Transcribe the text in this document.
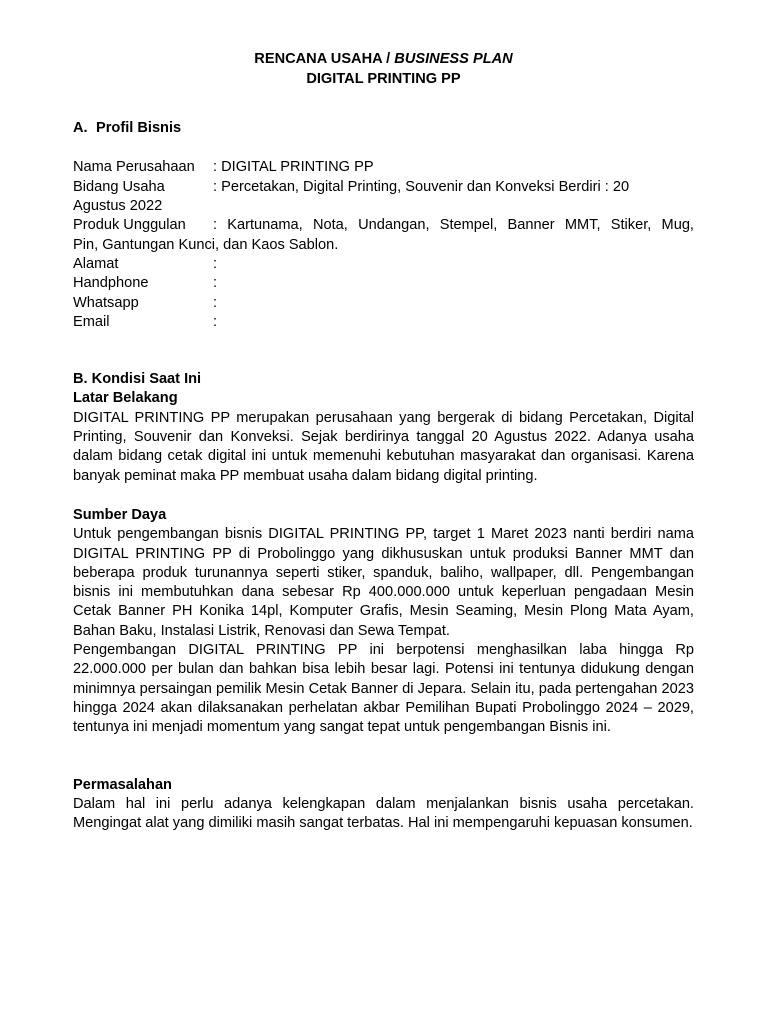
RENCANA USAHA / BUSINESS PLAN
DIGITAL PRINTING PP
A. Profil Bisnis
Nama Perusahaan : DIGITAL PRINTING PP
Bidang Usaha	: Percetakan, Digital Printing, Souvenir dan Konveksi Berdiri : 20
Agustus 2022
Produk Unggulan	: Kartunama, Nota, Undangan, Stempel, Banner MMT, Stiker, Mug,
Pin, Gantungan Kunci, dan Kaos Sablon.
Alamat	:
Handphone	:
Whatsapp	:
Email	:
B. Kondisi Saat Ini
Latar Belakang

DIGITAL PRINTING PP merupakan perusahaan yang bergerak di bidang Percetakan, Digital Printing, Souvenir dan Konveksi. Sejak berdirinya tanggal 20 Agustus 2022. Adanya usaha dalam bidang cetak digital ini untuk memenuhi kebutuhan masyarakat dan organisasi. Karena banyak peminat maka PP membuat usaha dalam bidang digital printing.

Sumber Daya

Untuk pengembangan bisnis DIGITAL PRINTING PP, target 1 Maret 2023 nanti berdiri nama DIGITAL PRINTING PP di Probolinggo yang dikhususkan untuk produksi Banner MMT dan beberapa produk turunannya seperti stiker, spanduk, baliho, wallpaper, dll. Pengembangan bisnis ini membutuhkan dana sebesar Rp 400.000.000 untuk keperluan pengadaan Mesin Cetak Banner PH Konika 14pl, Komputer Grafis, Mesin Seaming, Mesin Plong Mata Ayam, Bahan Baku, Instalasi Listrik, Renovasi dan Sewa Tempat.

Pengembangan DIGITAL PRINTING PP ini berpotensi menghasilkan laba hingga Rp 22.000.000 per bulan dan bahkan bisa lebih besar lagi. Potensi ini tentunya didukung dengan minimnya persaingan pemilik Mesin Cetak Banner di Jepara. Selain itu, pada pertengahan 2023 hingga 2024 akan dilaksanakan perhelatan akbar Pemilihan Bupati Probolinggo 2024 – 2029, tentunya ini menjadi momentum yang sangat tepat untuk pengembangan Bisnis ini.

Permasalahan

Dalam hal ini perlu adanya kelengkapan dalam menjalankan bisnis usaha percetakan. Mengingat alat yang dimiliki masih sangat terbatas. Hal ini mempengaruhi kepuasan konsumen.
